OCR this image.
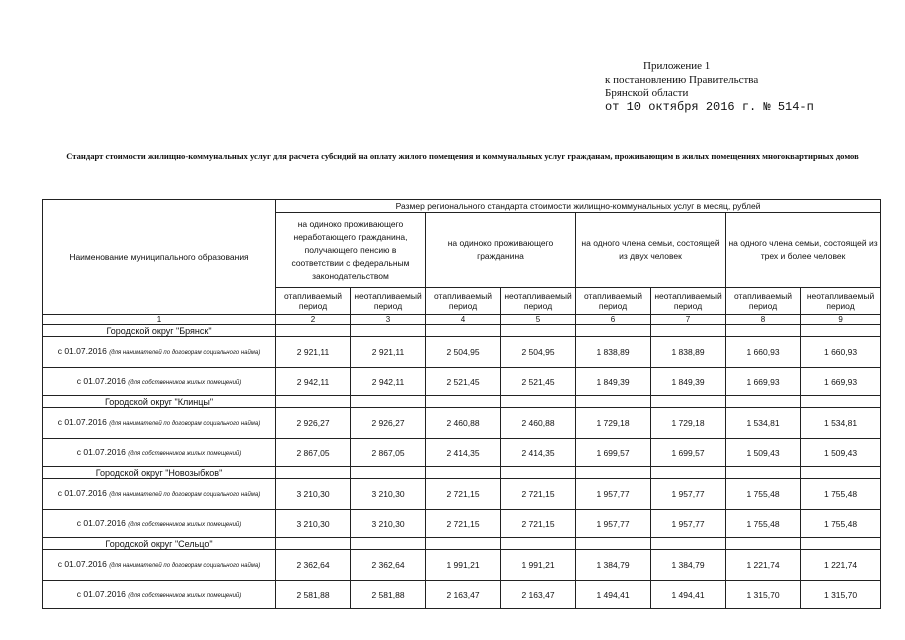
Приложение 1
к постановлению Правительства
Брянской области
от 10 октября 2016 г. № 514-п
Стандарт стоимости жилищно-коммунальных услуг для расчета субсидий на оплату жилого помещения и коммунальных услуг гражданам, проживающим в жилых помещениях многоквартирных домов
Наименование муниципального образования	Размер регионального стандарта стоимости жилищно-коммунальных услуг в месяц, рублей							
	на одиноко проживающего неработающего гражданина, получающего пенсию в соответствии с федеральным законодательством		на одиноко проживающего гражданина		на одного члена семьи, состоящей из двух человек		на одного члена семьи, состоящей из трех и более человек	
	отапливаемый период	неотапливаемый период	отапливаемый период	неотапливаемый период	отапливаемый период	неотапливаемый период	отапливаемый период	неотапливаемый период
1	2	3	4	5	6	7	8	9
Городской округ "Брянск"								
с 01.07.2016 (для нанимателей по договорам социального найма)	2 921,11	2 921,11	2 504,95	2 504,95	1 838,89	1 838,89	1 660,93	1 660,93
с 01.07.2016 (для собственников жилых помещений)	2 942,11	2 942,11	2 521,45	2 521,45	1 849,39	1 849,39	1 669,93	1 669,93
Городской округ "Клинцы"								
с 01.07.2016 (для нанимателей по договорам социального найма)	2 926,27	2 926,27	2 460,88	2 460,88	1 729,18	1 729,18	1 534,81	1 534,81
с 01.07.2016 (для собственников жилых помещений)	2 867,05	2 867,05	2 414,35	2 414,35	1 699,57	1 699,57	1 509,43	1 509,43
Городской округ "Новозыбков"								
с 01.07.2016 (для нанимателей по договорам социального найма)	3 210,30	3 210,30	2 721,15	2 721,15	1 957,77	1 957,77	1 755,48	1 755,48
с 01.07.2016 (для собственников жилых помещений)	3 210,30	3 210,30	2 721,15	2 721,15	1 957,77	1 957,77	1 755,48	1 755,48
Городской округ "Сельцо"								
с 01.07.2016 (для нанимателей по договорам социального найма)	2 362,64	2 362,64	1 991,21	1 991,21	1 384,79	1 384,79	1 221,74	1 221,74
с 01.07.2016 (для собственников жилых помещений)	2 581,88	2 581,88	2 163,47	2 163,47	1 494,41	1 494,41	1 315,70	1 315,70
